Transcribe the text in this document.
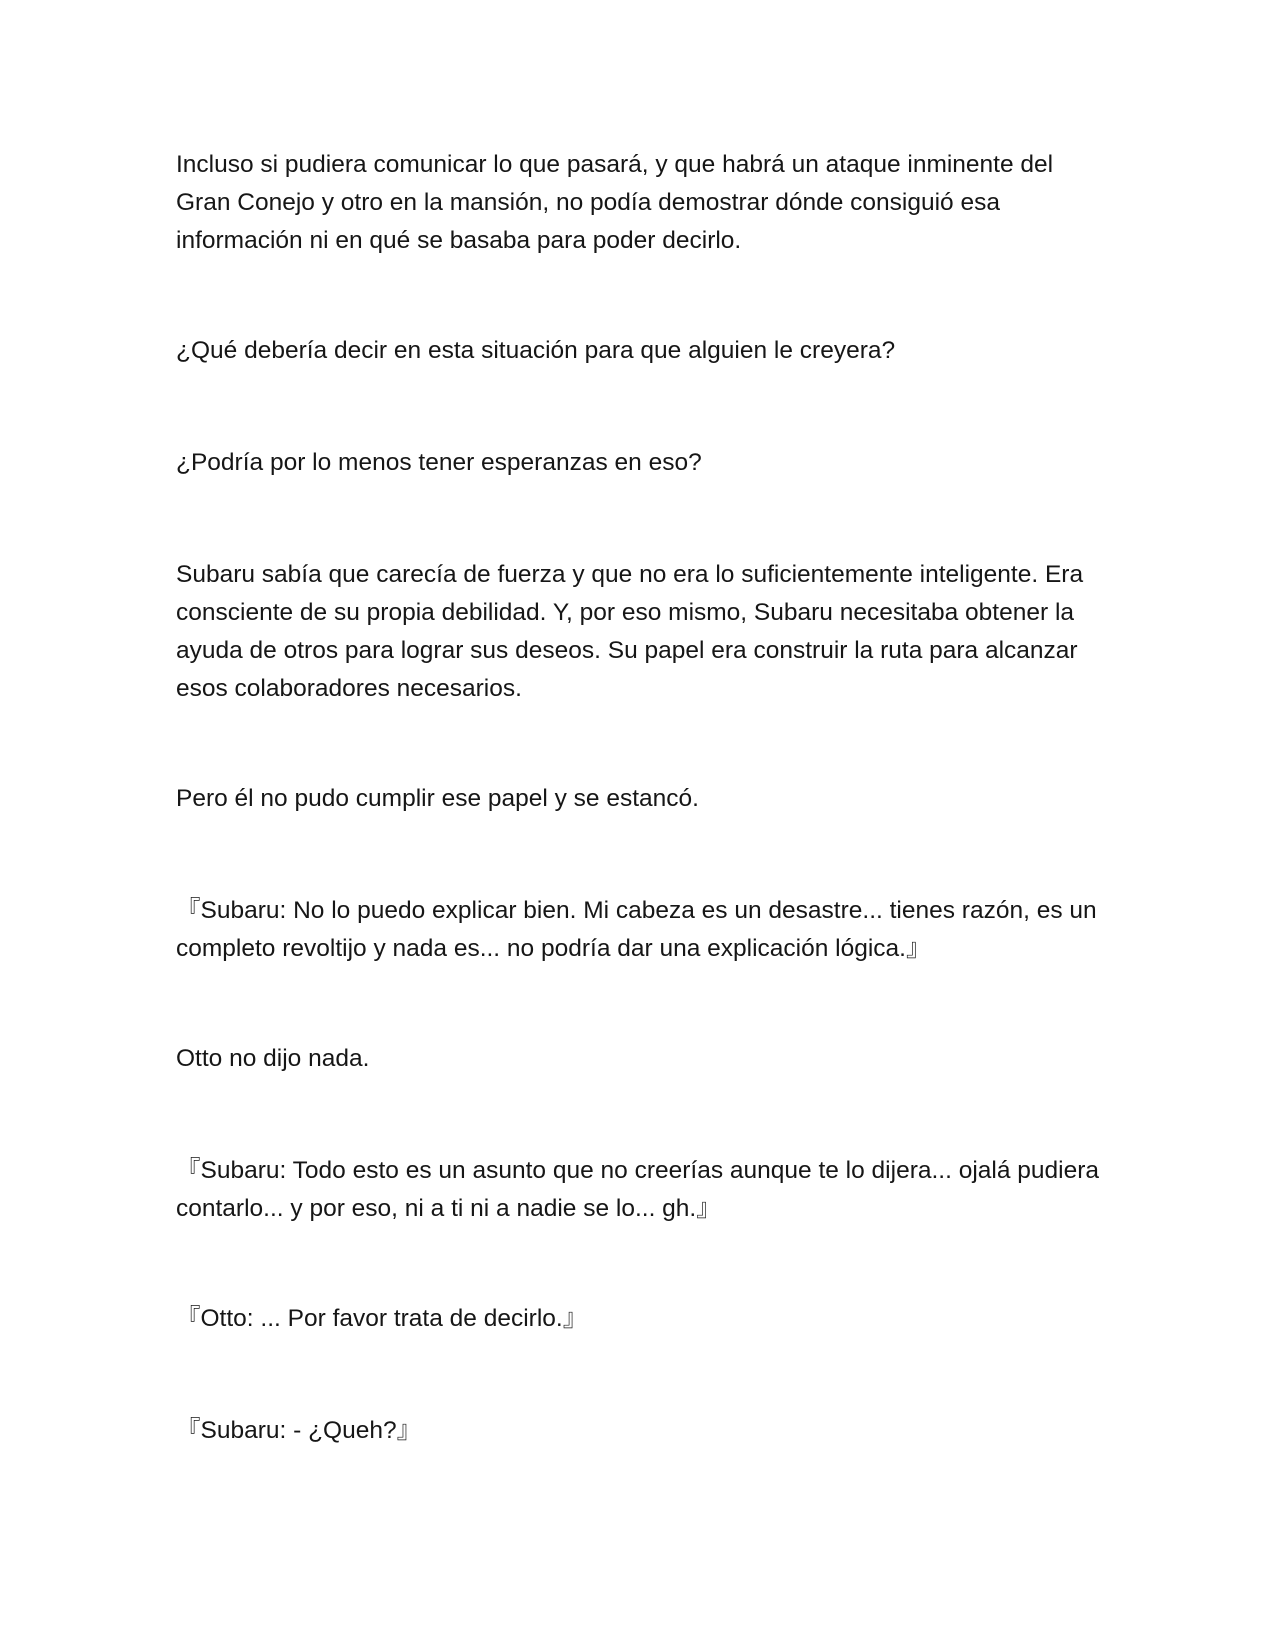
Incluso si pudiera comunicar lo que pasará, y que habrá un ataque inminente del Gran Conejo y otro en la mansión, no podía demostrar dónde consiguió esa información ni en qué se basaba para poder decirlo.

¿Qué debería decir en esta situación para que alguien le creyera?

¿Podría por lo menos tener esperanzas en eso?

Subaru sabía que carecía de fuerza y que no era lo suficientemente inteligente. Era consciente de su propia debilidad. Y, por eso mismo, Subaru necesitaba obtener la ayuda de otros para lograr sus deseos. Su papel era construir la ruta para alcanzar esos colaboradores necesarios.

Pero él no pudo cumplir ese papel y se estancó.

『Subaru: No lo puedo explicar bien. Mi cabeza es un desastre... tienes razón, es un completo revoltijo y nada es... no podría dar una explicación lógica.』

Otto no dijo nada.

『Subaru: Todo esto es un asunto que no creerías aunque te lo dijera... ojalá pudiera contarlo... y por eso, ni a ti ni a nadie se lo... gh.』

『Otto: ... Por favor trata de decirlo.』

『Subaru: - ¿Queh?』
